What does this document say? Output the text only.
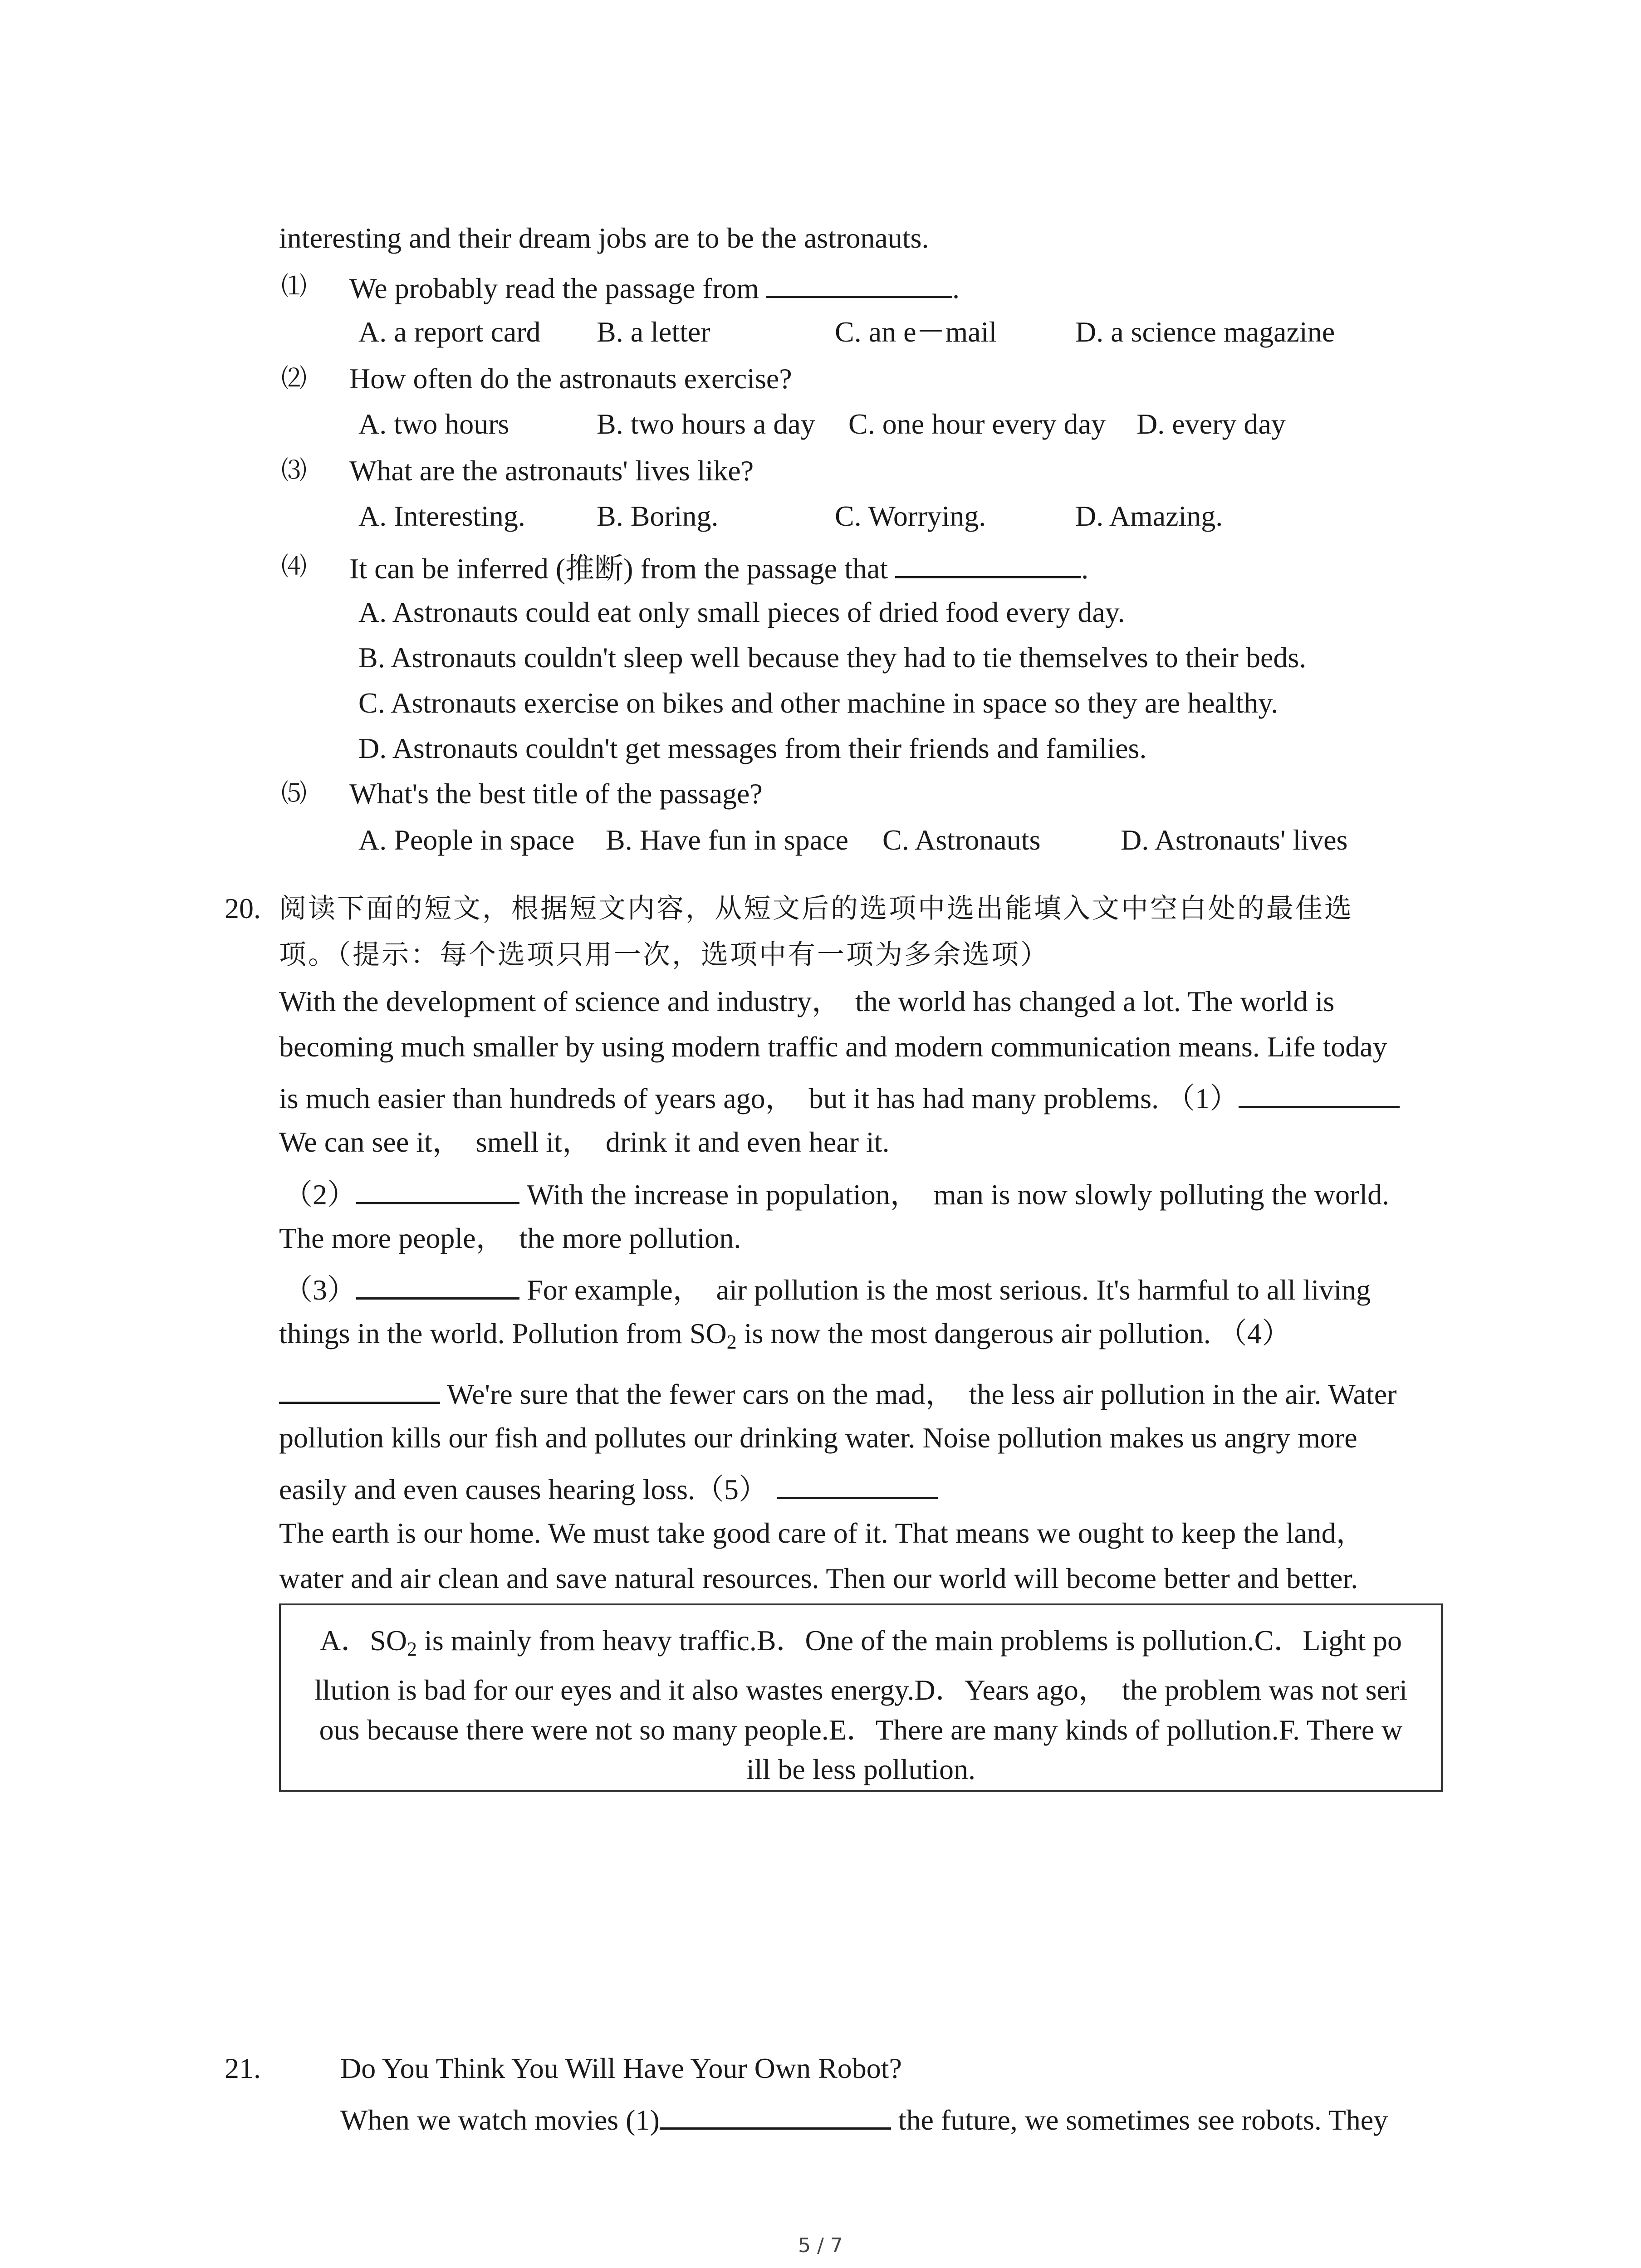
interesting and their dream jobs are to be the astronauts.
⑴ We probably read the passage from	.
A. a report card B. a letter	C. an e－mail	D. a science magazine
⑵ How often do the astronauts exercise?
A. two hours	B. two hours a day C. one hour every day D. every day
⑶ What are the astronauts' lives like?
A. Interesting. B. Boring.	C. Worrying.	D. Amazing.
⑷ It can be inferred (推断) from the passage that	.
A. Astronauts could eat only small pieces of dried food every day.
B. Astronauts couldn't sleep well because they had to tie themselves to their beds.
C. Astronauts exercise on bikes and other machine in space so they are healthy.
D. Astronauts couldn't get messages from their friends and families.
⑸ What's the best title of the passage?
A. People in space B. Have fun in space C. Astronauts	D. Astronauts' lives
20. 阅读下面的短文，根据短文内容，从短文后的选项中选出能填入文中空白处的最佳选
项。（提示：每个选项只用一次，选项中有一项为多余选项）
With the development of science and industry，  the world has changed a lot. The world is
becoming much smaller by using modern traffic and modern communication means. Life today
is much easier than hundreds of years ago，  but it has had many problems. （1）
We can see it，  smell it，  drink it and even hear it.
（2）	With the increase in population，  man is now slowly polluting the world.
The more people，  the more pollution.
（3）	For example，  air pollution is the most serious. It's harmful to all living
things in the world. Pollution from $SO_2$ is now the most dangerous air pollution. （4）
We're sure that the fewer cars on the mad，  the less air pollution in the air. Water
pollution kills our fish and pollutes our drinking water. Noise pollution makes us angry more
easily and even causes hearing loss.（5）
The earth is our home. We must take good care of it. That means we ought to keep the land，
water and air clean and save natural resources. Then our world will become better and better.
A．$SO_2$ is mainly from heavy traffic.B．One of the main problems is pollution.C．Light po
llution is bad for our eyes and it also wastes energy.D．Years ago，  the problem was not seri
ous because there were not so many people.E．There are many kinds of pollution.F. There w
ill be less pollution.
21.	Do You Think You Will Have Your Own Robot?
When we watch movies (1)	the future, we sometimes see robots. They
5 / 7
